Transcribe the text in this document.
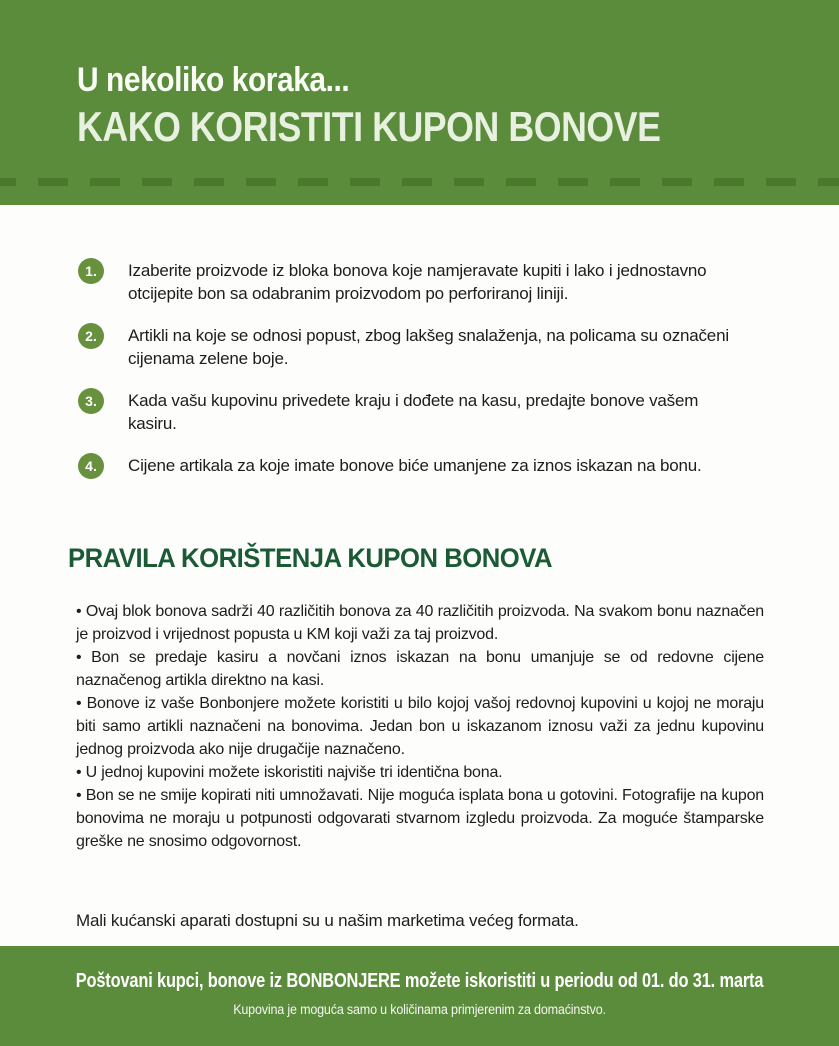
U nekoliko koraka...
KAKO KORISTITI KUPON BONOVE
1.	Izaberite proizvode iz bloka bonova koje namjeravate kupiti i lako i jednostavno otcijepite bon sa odabranim proizvodom po perforiranoj liniji.
2.	Artikli na koje se odnosi popust, zbog lakšeg snalaženja, na policama su označeni cijenama zelene boje.
3.	Kada vašu kupovinu privedete kraju i dođete na kasu, predajte bonove vašem kasiru.
4.	Cijene artikala za koje imate bonove biće umanjene za iznos iskazan na bonu.
PRAVILA KORIŠTENJA KUPON BONOVA

• Ovaj blok bonova sadrži 40 različitih bonova za 40 različitih proizvoda. Na svakom bonu naznačen je proizvod i vrijednost popusta u KM koji važi za taj proizvod.

• Bon se predaje kasiru a novčani iznos iskazan na bonu umanjuje se od redovne cijene naznačenog artikla direktno na kasi.

• Bonove iz vaše Bonbonjere možete koristiti u bilo kojoj vašoj redovnoj kupovini u kojoj ne moraju biti samo artikli naznačeni na bonovima. Jedan bon u iskazanom iznosu važi za jednu kupovinu jednog proizvoda ako nije drugačije naznačeno.

• U jednoj kupovini možete iskoristiti najviše tri identična bona.

• Bon se ne smije kopirati niti umnožavati. Nije moguća isplata bona u gotovini. Fotografije na kupon bonovima ne moraju u potpunosti odgovarati stvarnom izgledu proizvoda. Za moguće štamparske greške ne snosimo odgovornost.

Mali kućanski aparati dostupni su u našim marketima većeg formata.
Poštovani kupci, bonove iz BONBONJERE možete iskoristiti u periodu od 01. do 31. marta
Kupovina je moguća samo u količinama primjerenim za domaćinstvo.
